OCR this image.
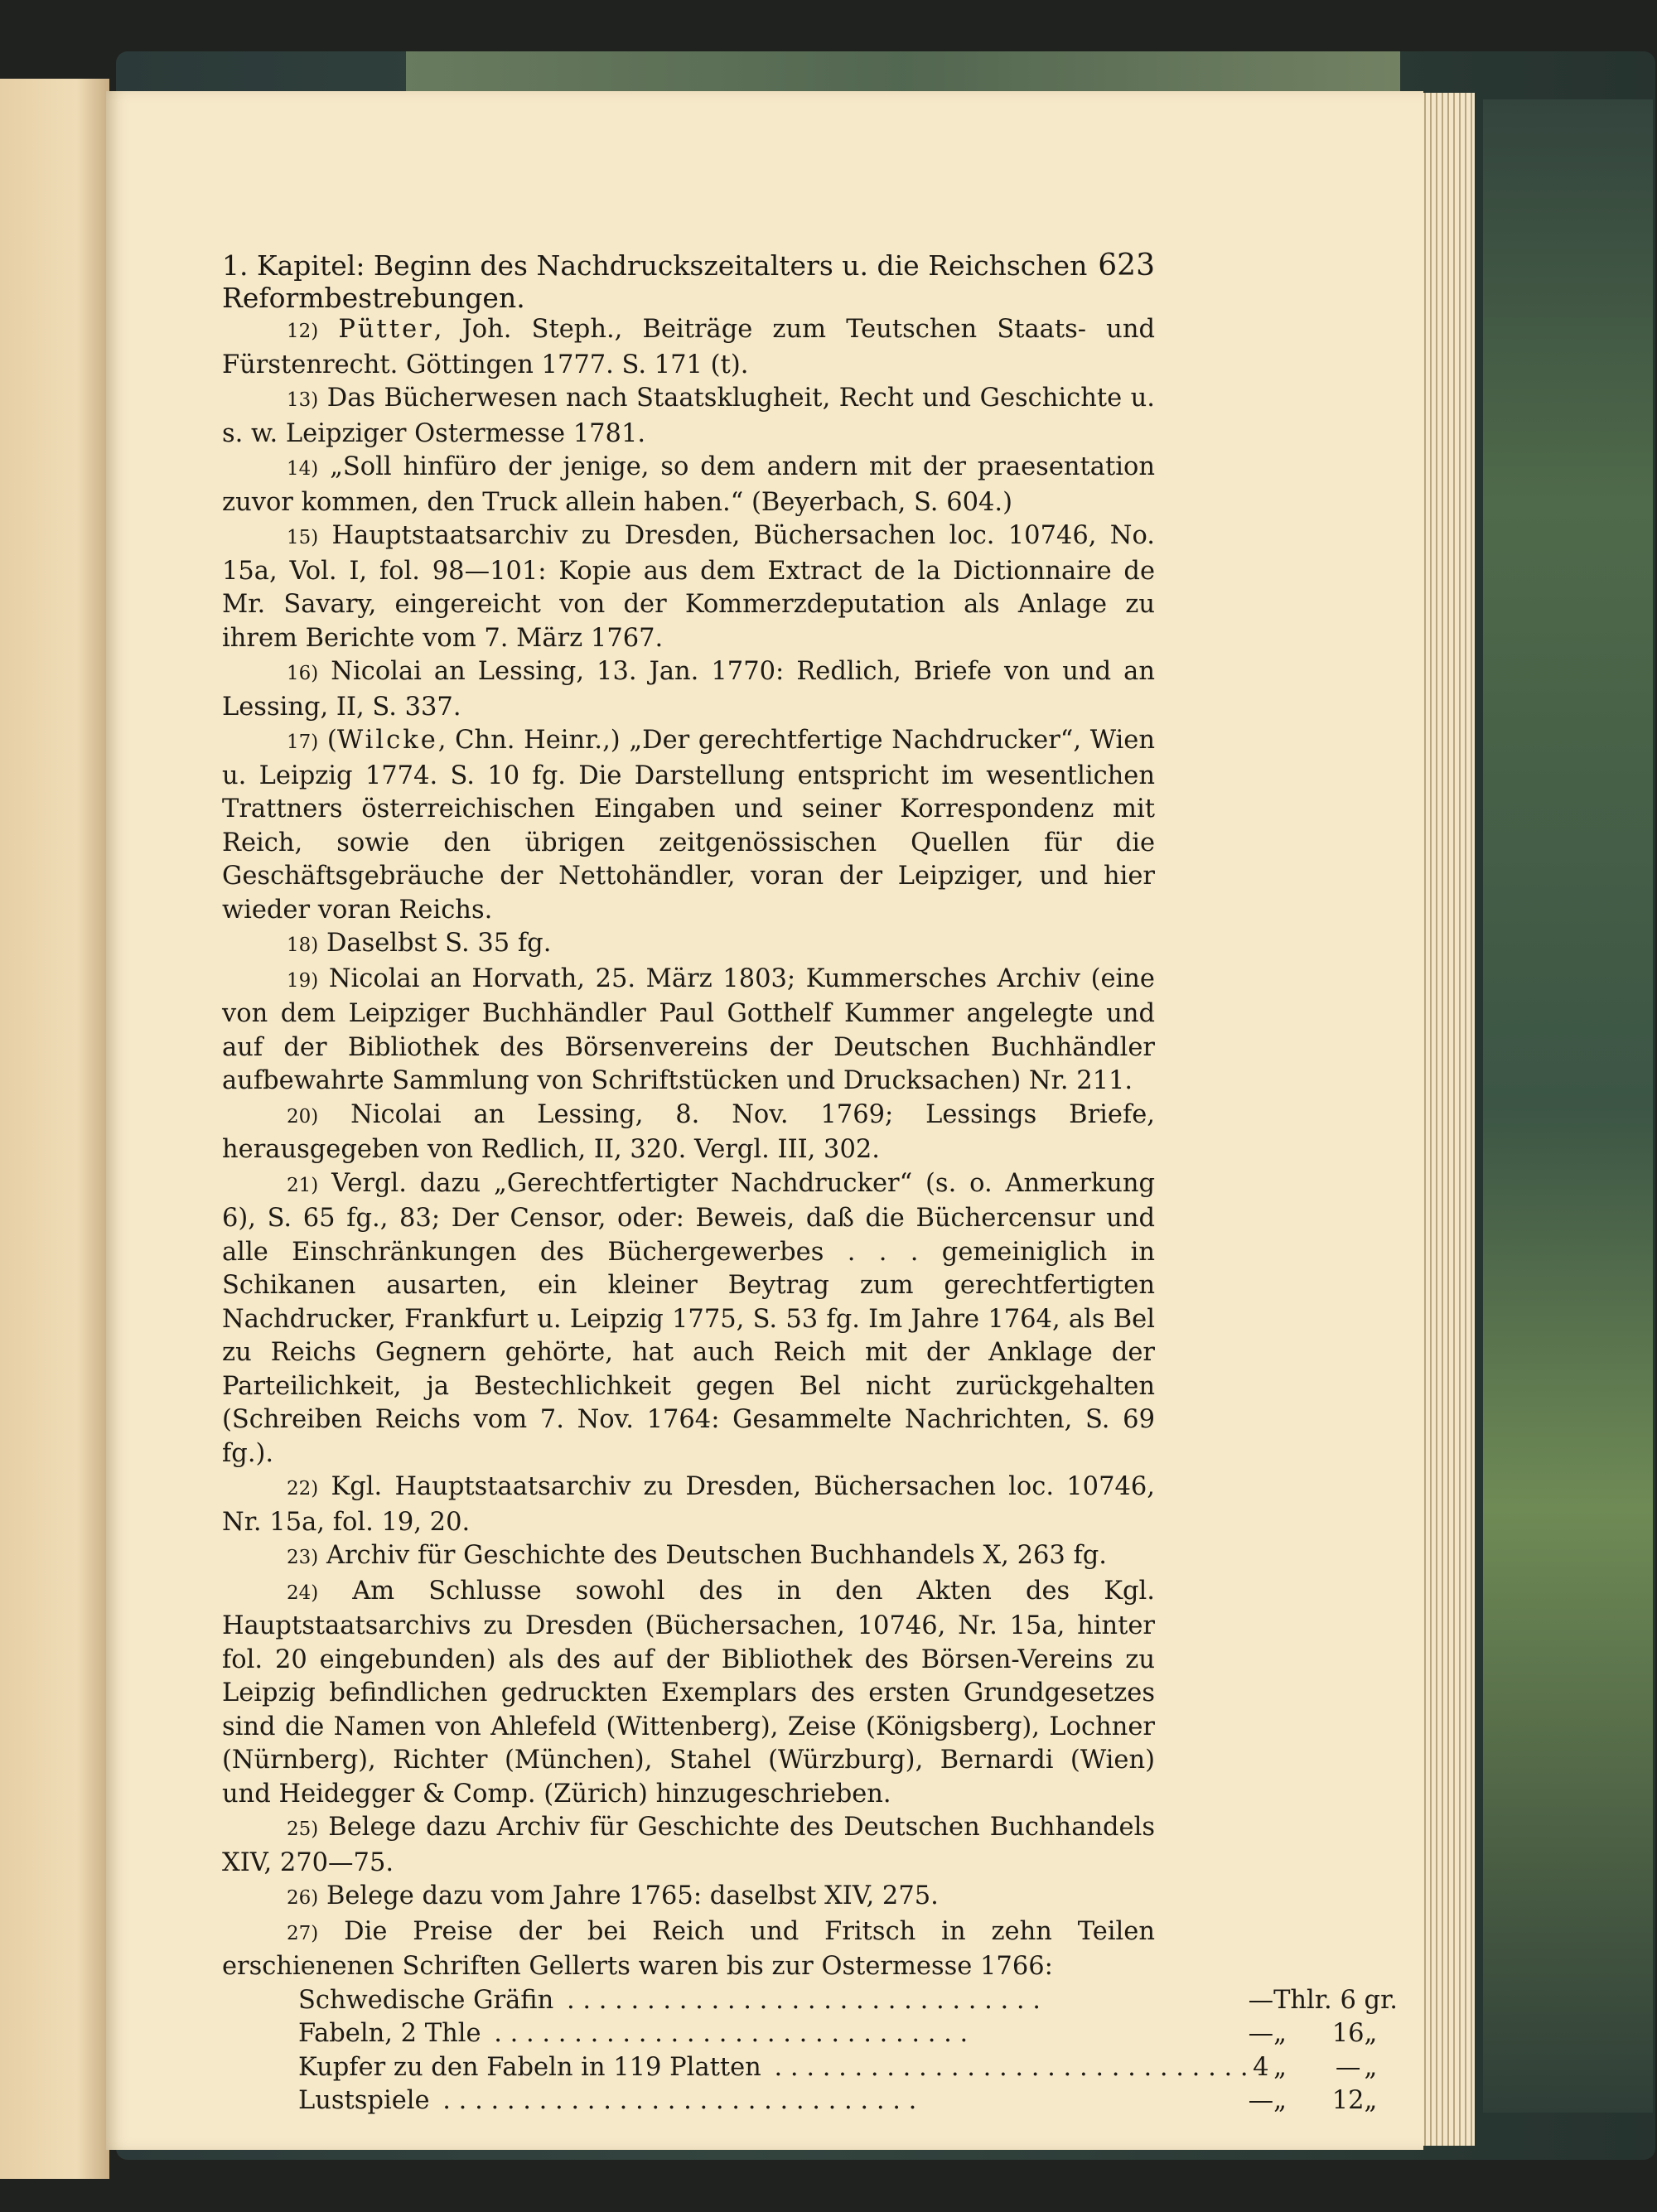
1. Kapitel: Beginn des Nachdruckszeitalters u. die Reichschen Reformbestrebungen.
623

12) Pütter, Joh. Steph., Beiträge zum Teutschen Staats- und Fürstenrecht. Göttingen 1777. S. 171 (t).

13) Das Bücherwesen nach Staatsklugheit, Recht und Geschichte u. s. w. Leipziger Ostermesse 1781.

14) „Soll hinfüro der jenige, so dem andern mit der praesentation zuvor kommen, den Truck allein haben.“ (Beyerbach, S. 604.)

15) Hauptstaatsarchiv zu Dresden, Büchersachen loc. 10746, No. 15a, Vol. I, fol. 98—101: Kopie aus dem Extract de la Dictionnaire de Mr. Savary, eingereicht von der Kommerzdeputation als Anlage zu ihrem Berichte vom 7. März 1767.

16) Nicolai an Lessing, 13. Jan. 1770: Redlich, Briefe von und an Lessing, II, S. 337.

17) (Wilcke, Chn. Heinr.,) „Der gerechtfertige Nachdrucker“, Wien u. Leipzig 1774. S. 10 fg. Die Darstellung entspricht im wesentlichen Trattners österreichischen Eingaben und seiner Korrespondenz mit Reich, sowie den übrigen zeitgenössischen Quellen für die Geschäftsgebräuche der Nettohändler, voran der Leipziger, und hier wieder voran Reichs.

18) Daselbst S. 35 fg.

19) Nicolai an Horvath, 25. März 1803; Kummersches Archiv (eine von dem Leipziger Buchhändler Paul Gotthelf Kummer angelegte und auf der Bibliothek des Börsenvereins der Deutschen Buchhändler aufbewahrte Sammlung von Schriftstücken und Drucksachen) Nr. 211.

20) Nicolai an Lessing, 8. Nov. 1769; Lessings Briefe, herausgegeben von Redlich, II, 320. Vergl. III, 302.

21) Vergl. dazu „Gerechtfertigter Nachdrucker“ (s. o. Anmerkung 6), S. 65 fg., 83; Der Censor, oder: Beweis, daß die Büchercensur und alle Einschränkungen des Büchergewerbes . . . gemeiniglich in Schikanen ausarten, ein kleiner Beytrag zum gerechtfertigten Nachdrucker, Frankfurt u. Leipzig 1775, S. 53 fg. Im Jahre 1764, als Bel zu Reichs Gegnern gehörte, hat auch Reich mit der Anklage der Parteilichkeit, ja Bestechlichkeit gegen Bel nicht zurückgehalten (Schreiben Reichs vom 7. Nov. 1764: Gesammelte Nachrichten, S. 69 fg.).

22) Kgl. Hauptstaatsarchiv zu Dresden, Büchersachen loc. 10746, Nr. 15a, fol. 19, 20.

23) Archiv für Geschichte des Deutschen Buchhandels X, 263 fg.

24) Am Schlusse sowohl des in den Akten des Kgl. Hauptstaatsarchivs zu Dresden (Büchersachen, 10746, Nr. 15a, hinter fol. 20 eingebunden) als des auf der Bibliothek des Börsen-Vereins zu Leipzig befindlichen gedruckten Exemplars des ersten Grundgesetzes sind die Namen von Ahlefeld (Wittenberg), Zeise (Königsberg), Lochner (Nürnberg), Richter (München), Stahel (Würzburg), Bernardi (Wien) und Heidegger & Comp. (Zürich) hinzugeschrieben.

25) Belege dazu Archiv für Geschichte des Deutschen Buchhandels XIV, 270—75.

26) Belege dazu vom Jahre 1765: daselbst XIV, 275.

27) Die Preise der bei Reich und Fritsch in zehn Teilen erschienenen Schriften Gellerts waren bis zur Ostermesse 1766:

Schwedische Gräfin . . .	—	Thlr.	6	gr.
Fabeln, 2 Thle . . .	—	„	16	„
Kupfer zu den Fabeln in 119 Platten . . .	4	„	—	„
Lustspiele . . .	—	„	12	„
